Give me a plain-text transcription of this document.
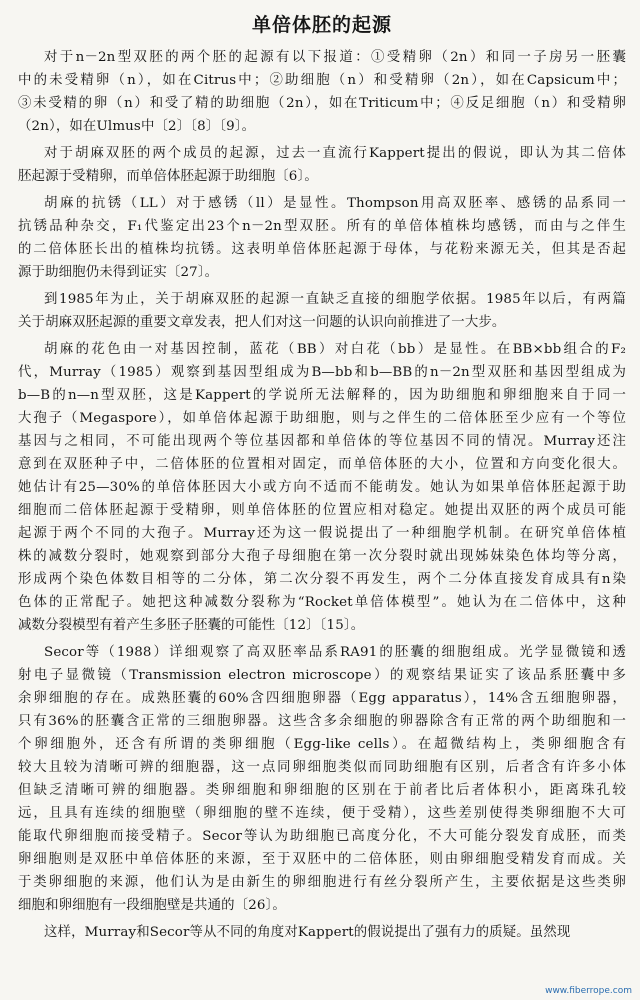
单倍体胚的起源
对于n－2n型双胚的两个胚的起源有以下报道：①受精卵（2n）和同一子房另一胚囊
中的未受精卵（n），如在Citrus中；②助细胞（n）和受精卵（2n），如在Capsicum中；
③未受精的卵（n）和受了精的助细胞（2n），如在Triticum中；④反足细胞（n）和受精卵
（2n），如在Ulmus中〔2〕〔8〕〔9〕。
对于胡麻双胚的两个成员的起源，过去一直流行Kappert提出的假说，即认为其二倍体
胚起源于受精卵，而单倍体胚起源于助细胞〔6〕。
胡麻的抗锈（LL）对于感锈（ll）是显性。Thompson用高双胚率、感锈的品系同一
抗锈品种杂交，F₁代鉴定出23个n－2n型双胚。所有的单倍体植株均感锈，而由与之伴生
的二倍体胚长出的植株均抗锈。这表明单倍体胚起源于母体，与花粉来源无关，但其是否起
源于助细胞仍未得到证实〔27〕。
到1985年为止，关于胡麻双胚的起源一直缺乏直接的细胞学依据。1985年以后，有两篇
关于胡麻双胚起源的重要文章发表，把人们对这一问题的认识向前推进了一大步。
胡麻的花色由一对基因控制，蓝花（BB）对白花（bb）是显性。在BB×bb组合的F₂
代，Murray（1985）观察到基因型组成为B—bb和b—BB的n－2n型双胚和基因型组成为
b—B的n—n型双胚，这是Kappert的学说所无法解释的，因为助细胞和卵细胞来自于同一
大孢子（Megaspore），如单倍体起源于助细胞，则与之伴生的二倍体胚至少应有一个等位
基因与之相同，不可能出现两个等位基因都和单倍体的等位基因不同的情况。Murray还注
意到在双胚种子中，二倍体胚的位置相对固定，而单倍体胚的大小，位置和方向变化很大。
她估计有25—30%的单倍体胚因大小或方向不适而不能萌发。她认为如果单倍体胚起源于助
细胞而二倍体胚起源于受精卵，则单倍体胚的位置应相对稳定。她提出双胚的两个成员可能
起源于两个不同的大孢子。Murray还为这一假说提出了一种细胞学机制。在研究单倍体植
株的减数分裂时，她观察到部分大孢子母细胞在第一次分裂时就出现姊妹染色体均等分离，
形成两个染色体数目相等的二分体，第二次分裂不再发生，两个二分体直接发育成具有n染
色体的正常配子。她把这种减数分裂称为“Rocket单倍体模型”。她认为在二倍体中，这种
减数分裂模型有着产生多胚子胚囊的可能性〔12〕〔15〕。
Secor等（1988）详细观察了高双胚率品系RA91的胚囊的细胞组成。光学显微镜和透
射电子显微镜（Transmission electron microscope）的观察结果证实了该品系胚囊中多
余卵细胞的存在。成熟胚囊的60%含四细胞卵器（Egg apparatus），14%含五细胞卵器，
只有36%的胚囊含正常的三细胞卵器。这些含多余细胞的卵器除含有正常的两个助细胞和一
个卵细胞外，还含有所谓的类卵细胞（Egg-like cells）。在超微结构上，类卵细胞含有
较大且较为清晰可辨的细胞器，这一点同卵细胞类似而同助细胞有区别，后者含有许多小体
但缺乏清晰可辨的细胞器。类卵细胞和卵细胞的区别在于前者比后者体积小，距离珠孔较
远，且具有连续的细胞壁（卵细胞的壁不连续，便于受精），这些差别使得类卵细胞不大可
能取代卵细胞而接受精子。Secor等认为助细胞已高度分化，不大可能分裂发育成胚，而类
卵细胞则是双胚中单倍体胚的来源，至于双胚中的二倍体胚，则由卵细胞受精发育而成。关
于类卵细胞的来源，他们认为是由新生的卵细胞进行有丝分裂所产生，主要依据是这些类卵
细胞和卵细胞有一段细胞壁是共通的〔26〕。
这样，Murray和Secor等从不同的角度对Kappert的假说提出了强有力的质疑。虽然现
www.fiberrope.com
